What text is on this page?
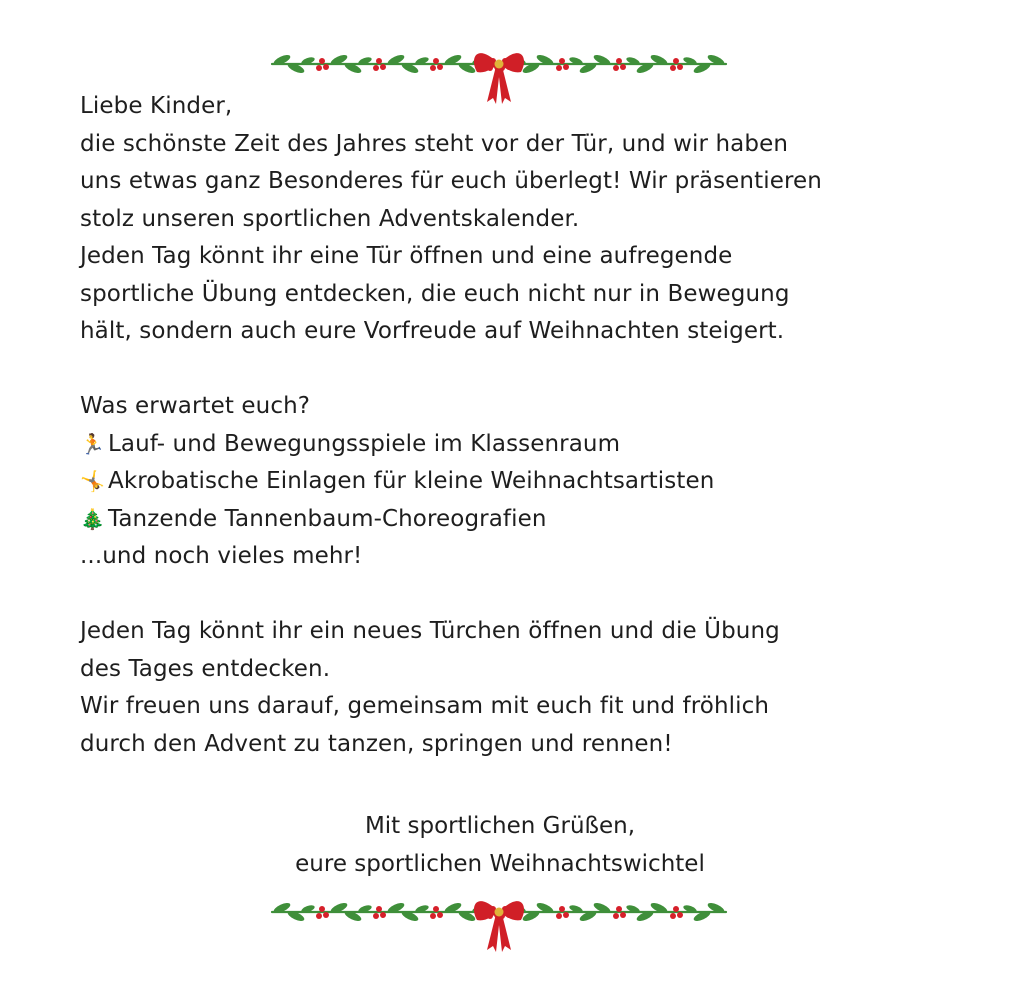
Liebe Kinder,
die schönste Zeit des Jahres steht vor der Tür, und wir haben
uns etwas ganz Besonderes für euch überlegt! Wir präsentieren
stolz unseren sportlichen Adventskalender.
Jeden Tag könnt ihr eine Tür öffnen und eine aufregende
sportliche Übung entdecken, die euch nicht nur in Bewegung
hält, sondern auch eure Vorfreude auf Weihnachten steigert.
Was erwartet euch?
🏃 Lauf- und Bewegungsspiele im Klassenraum
🤸 Akrobatische Einlagen für kleine Weihnachtsartisten
🎄 Tanzende Tannenbaum-Choreografien
...und noch vieles mehr!
Jeden Tag könnt ihr ein neues Türchen öffnen und die Übung
des Tages entdecken.
Wir freuen uns darauf, gemeinsam mit euch fit und fröhlich
durch den Advent zu tanzen, springen und rennen!
Mit sportlichen Grüßen,
eure sportlichen Weihnachtswichtel
